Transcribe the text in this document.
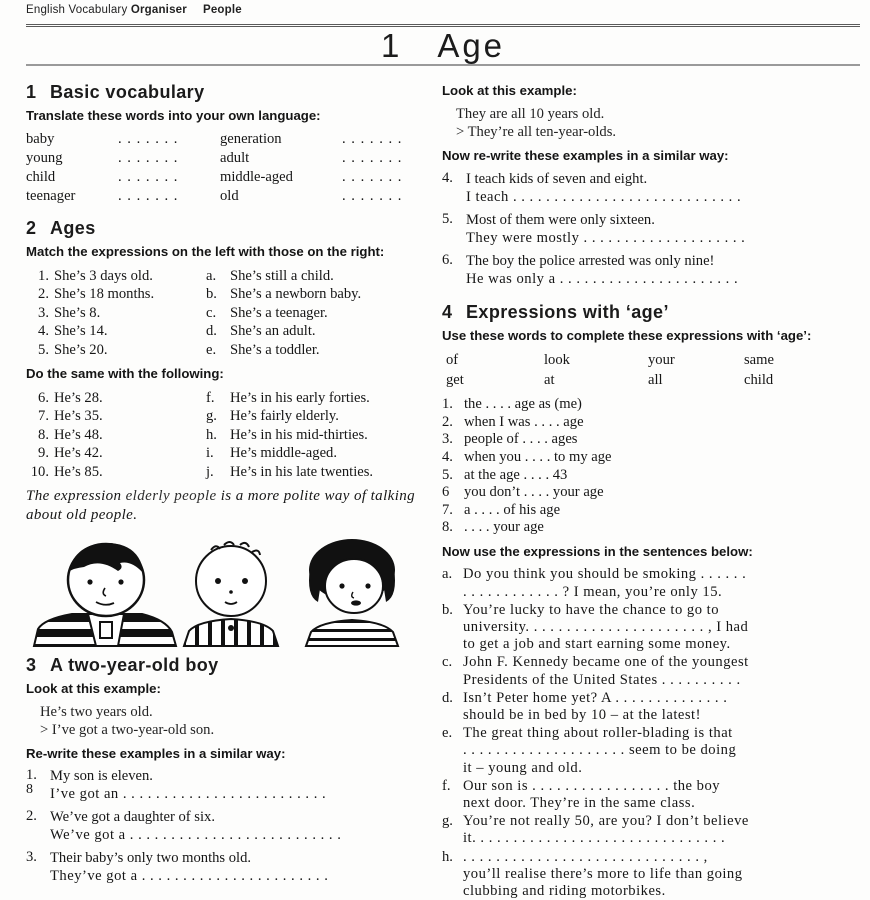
English Vocabulary Organiser People
1 Age
1 Basic vocabulary
Translate these words into your own language:
baby	. . . . . . .	generation	. . . . . . .
young	. . . . . . .	adult	. . . . . . .
child	. . . . . . .	middle-aged	. . . . . . .
teenager	. . . . . . .	old	. . . . . . .
2 Ages
Match the expressions on the left with those on the right:
1. She’s 3 days old.	a. She’s still a child.
2. She’s 18 months.	b. She’s a newborn baby.
3. She’s 8.	c. She’s a teenager.
4. She’s 14.	d. She’s an adult.
5. She’s 20.	e. She’s a toddler.
Do the same with the following:
6. He’s 28.	f.	He’s in his early forties.
7. He’s 35.	g. He’s fairly elderly.
8. He’s 48.	h. He’s in his mid-thirties.
9. He’s 42.	i.	He’s middle-aged.
10. He’s 85.	j.	He’s in his late twenties.
The expression elderly people is a more polite way of talking about old people.
3 A two-year-old boy
Look at this example:
He’s two years old.
> I’ve got a two-year-old son.
Re-write these examples in a similar way:
1. My son is eleven.
I’ve got an . . . . . . . . . . . . . . . . . . . . . . . . .
2. We’ve got a daughter of six.
We’ve got a . . . . . . . . . . . . . . . . . . . . . . . . . .
3. Their baby’s only two months old.
They’ve got a . . . . . . . . . . . . . . . . . . . . . . .
8
Look at this example:
They are all 10 years old.
> They’re all ten-year-olds.
Now re-write these examples in a similar way:
4. I teach kids of seven and eight.
I teach . . . . . . . . . . . . . . . . . . . . . . . . . . . .
5. Most of them were only sixteen.
They were mostly . . . . . . . . . . . . . . . . . . . .
6. The boy the police arrested was only nine!
He was only a . . . . . . . . . . . . . . . . . . . . . .
4 Expressions with ‘age’
Use these words to complete these expressions with ‘age’:
of	look	your	same
get	at	all	child
1. the . . . . age as (me)
2. when I was . . . . age
3. people of . . . . ages
4. when you . . . . to my age
5. at the age . . . . 43
6	you don’t . . . . your age
7. a . . . . of his age
8. . . . . your age
Now use the expressions in the sentences below:
a. Do you think you should be smoking . . . . . .
. . . . . . . . . . . . ? I mean, you’re only 15.
b. You’re lucky to have the chance to go to
university. . . . . . . . . . . . . . . . . . . . . . , I had
to get a job and start earning some money.
c. John F. Kennedy became one of the youngest
Presidents of the United States . . . . . . . . . .
d. Isn’t Peter home yet? A . . . . . . . . . . . . . .
should be in bed by 10 – at the latest!
e. The great thing about roller-blading is that
. . . . . . . . . . . . . . . . . . . . seem to be doing
it – young and old.
f. Our son is . . . . . . . . . . . . . . . . . the boy
next door. They’re in the same class.
g. You’re not really 50, are you? I don’t believe
it. . . . . . . . . . . . . . . . . . . . . . . . . . . . . . .
h. . . . . . . . . . . . . . . . . . . . . . . . . . . . . . ,
you’ll realise there’s more to life than going
clubbing and riding motorbikes.
